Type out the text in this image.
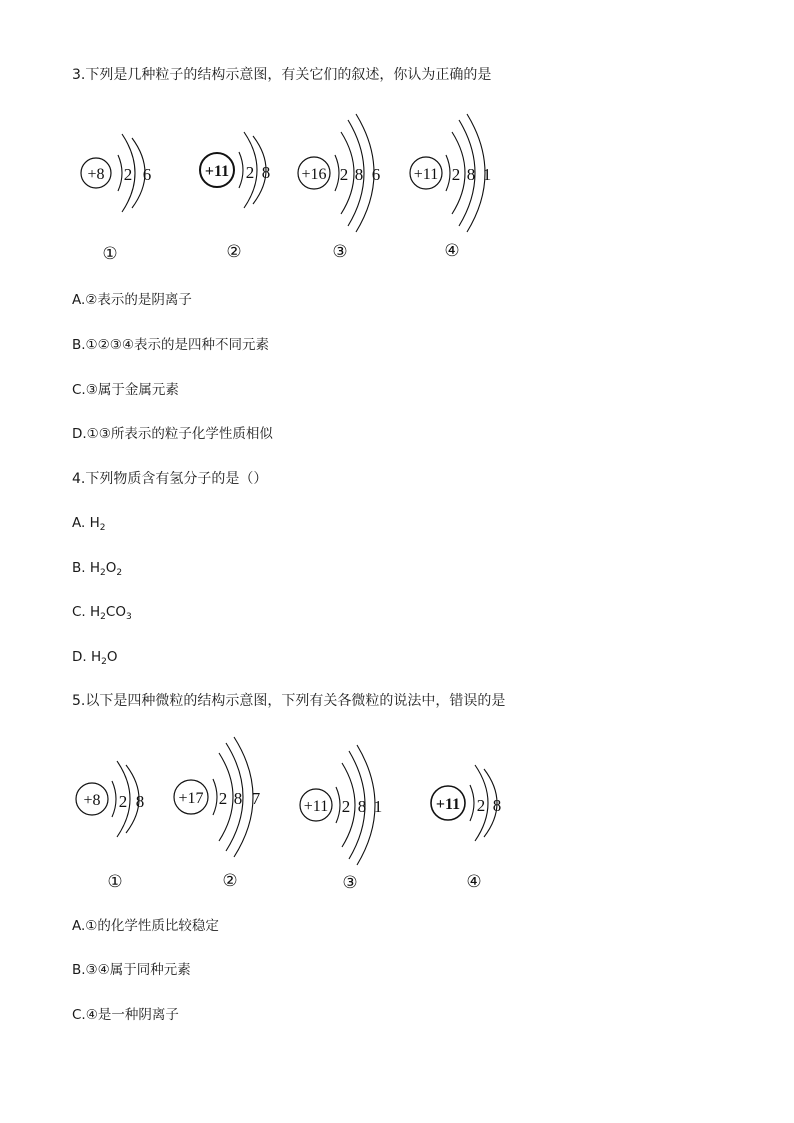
3.下列是几种粒子的结构示意图，有关它们的叙述，你认为正确的是
+8 2 6
①
+11 2 8
②
+16 2 8 6
③
+11 2 8 1
④
A.②表示的是阴离子
B.①②③④表示的是四种不同元素
C.③属于金属元素
D.①③所表示的粒子化学性质相似
4.下列物质含有氢分子的是（）
A. $H_2$
B. $H_2O_2$
C. $H_2CO_3$
D. $H_2O$
5.以下是四种微粒的结构示意图，下列有关各微粒的说法中，错误的是
+8 2 8
①
+17 2 8 7
②
+11 2 8 1
③
+11 2 8
④
A.①的化学性质比较稳定
B.③④属于同种元素
C.④是一种阴离子
